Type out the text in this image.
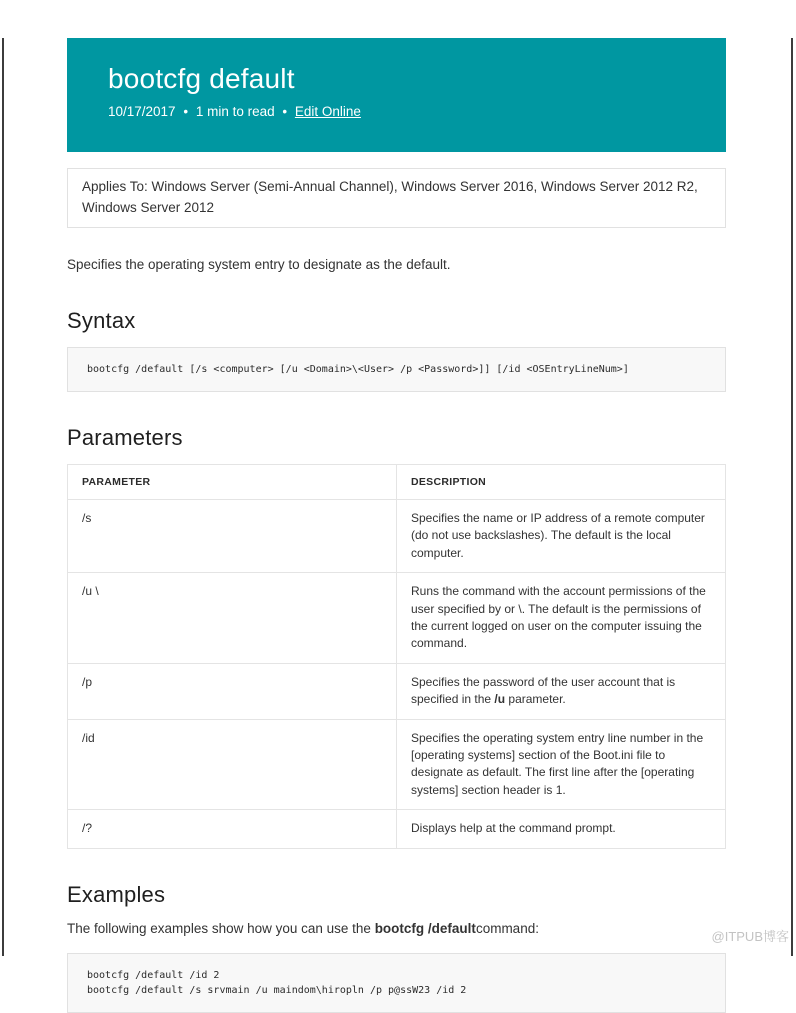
bootcfg default
10/17/2017 • 1 min to read • Edit Online
Applies To: Windows Server (Semi-Annual Channel), Windows Server 2016, Windows Server 2012 R2, Windows Server 2012

Specifies the operating system entry to designate as the default.

Syntax
bootcfg /default [/s <computer> [/u <Domain>\<User> /p <Password>]] [/id <OSEntryLineNum>]
Parameters
PARAMETER	DESCRIPTION
/s	Specifies the name or IP address of a remote computer (do not use backslashes). The default is the local computer.
/u \	Runs the command with the account permissions of the user specified by or \. The default is the permissions of the current logged on user on the computer issuing the command.
/p	Specifies the password of the user account that is specified in the /u parameter.
/id	Specifies the operating system entry line number in the [operating systems] section of the Boot.ini file to designate as default. The first line after the [operating systems] section header is 1.
/?	Displays help at the command prompt.
Examples

The following examples show how you can use the bootcfg /defaultcommand:

bootcfg /default /id 2
bootcfg /default /s srvmain /u maindom\hiropln /p p@ssW23 /id 2
@ITPUB博客
